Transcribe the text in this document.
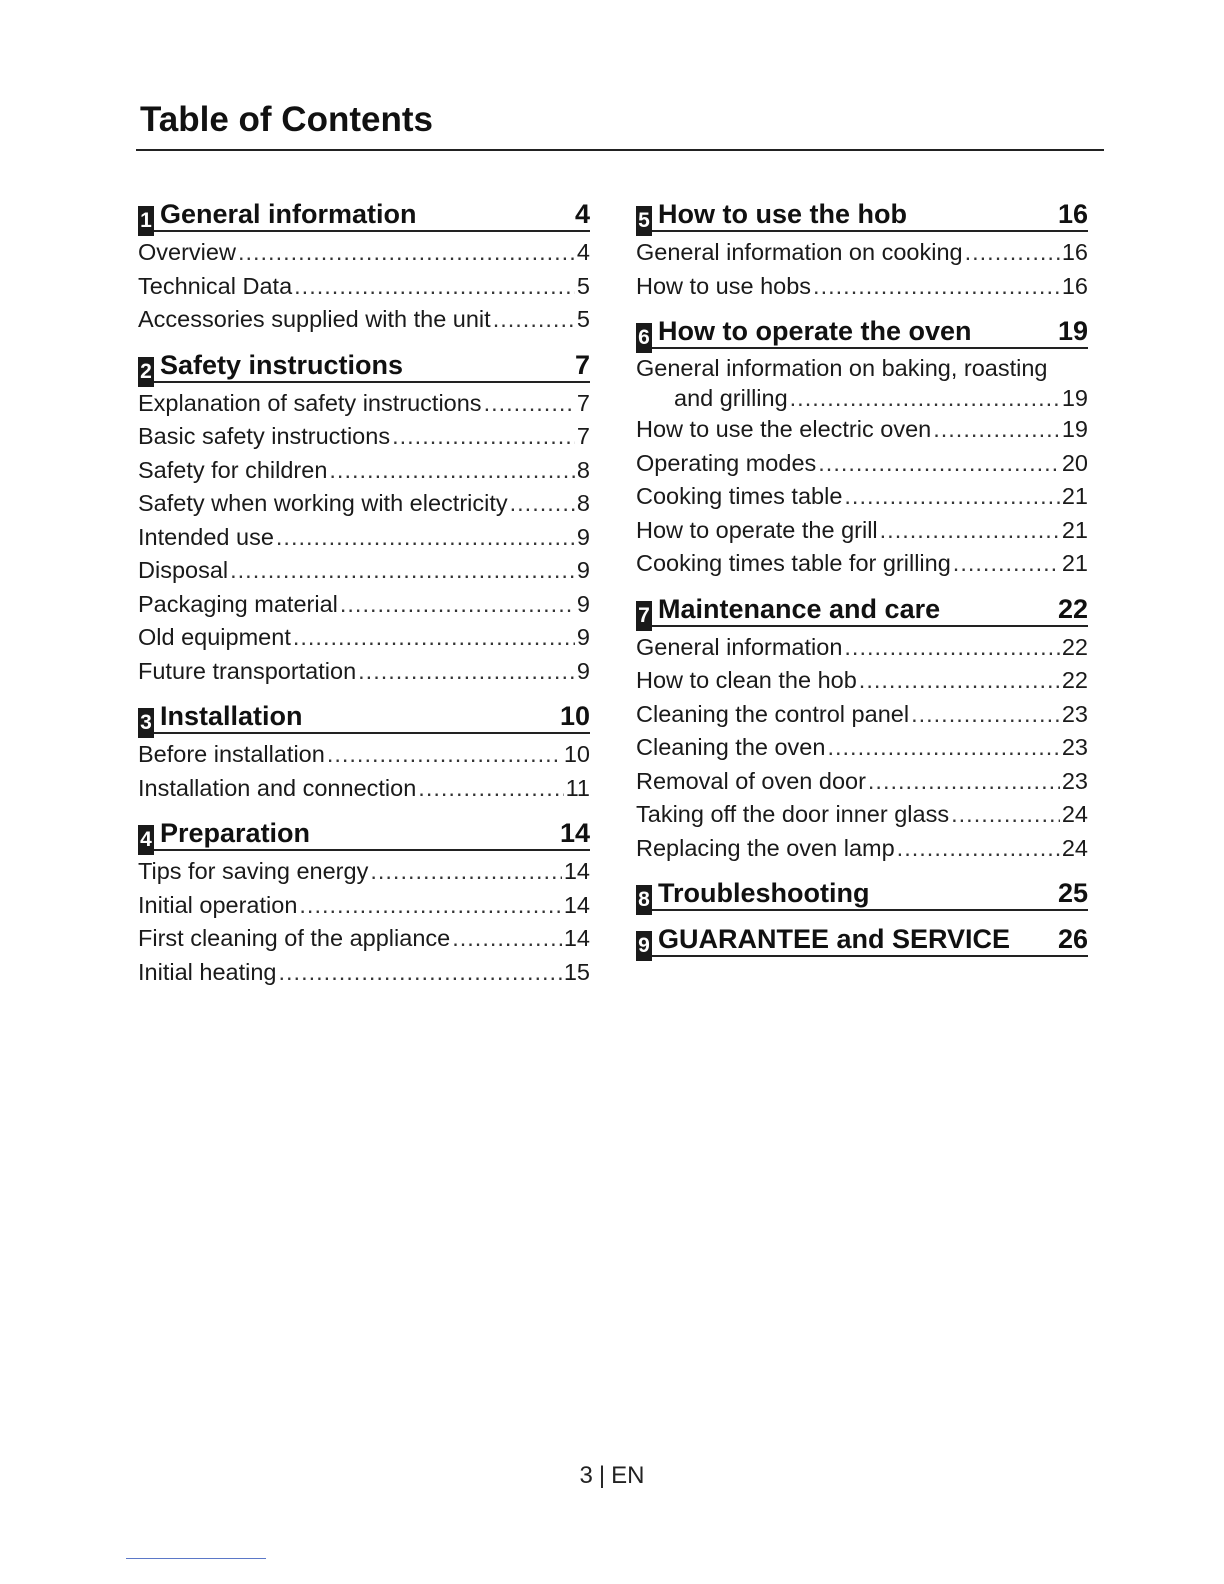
Table of Contents
1 General information	4
Overview .....	4
Technical Data .....	5
Accessories supplied with the unit .....	5
2 Safety instructions	7
Explanation of safety instructions .....	7
Basic safety instructions .....	7
Safety for children .....	8
Safety when working with electricity .....	8
Intended use .....	9
Disposal .....	9
Packaging material .....	9
Old equipment .....	9
Future transportation .....	9
3 Installation	10
Before installation .....	10
Installation and connection .....	11
4 Preparation	14
Tips for saving energy .....	14
Initial operation .....	14
First cleaning of the appliance .....	14
Initial heating .....	15
5 How to use the hob	16
General information on cooking .....	16
How to use hobs .....	16
6 How to operate the oven	19
General information on baking, roasting
and grilling .....	19
How to use the electric oven .....	19
Operating modes .....	20
Cooking times table .....	21
How to operate the grill .....	21
Cooking times table for grilling .....	21
7 Maintenance and care	22
General information .....	22
How to clean the hob .....	22
Cleaning the control panel .....	23
Cleaning the oven .....	23
Removal of oven door .....	23
Taking off the door inner glass .....	24
Replacing the oven lamp .....	24
8 Troubleshooting	25
9 GUARANTEE and SERVICE	26
3 | EN
